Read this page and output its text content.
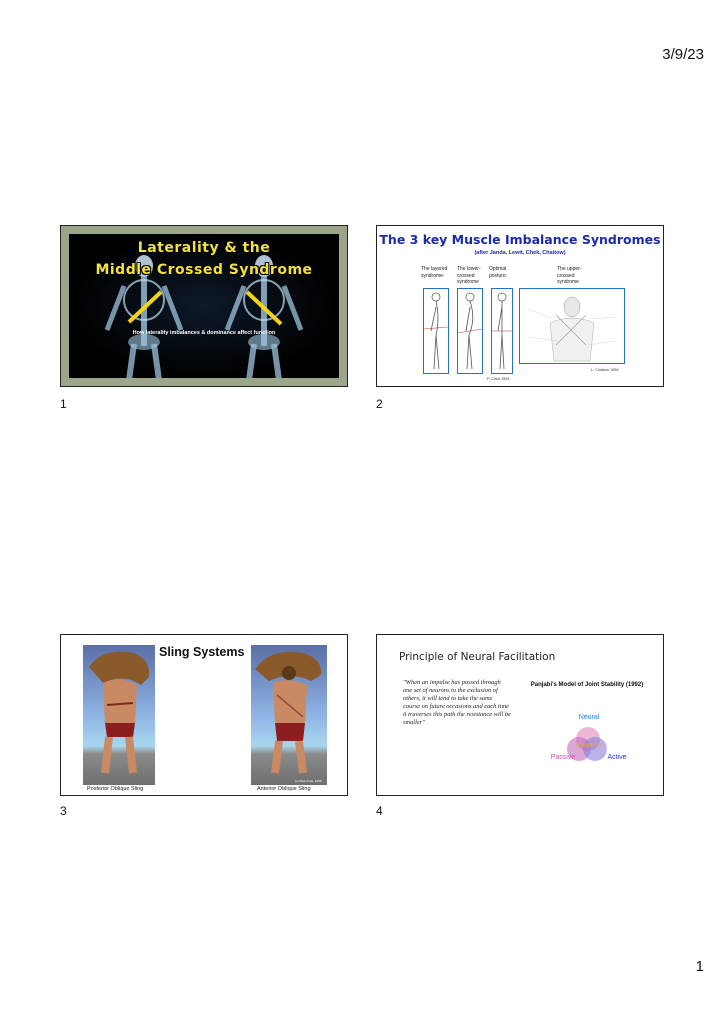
3/9/23
Laterality & the
Middle Crossed Syndrome
How laterality imbalances & dominance affect function
1
The 3 key Muscle Imbalance Syndromes
(after Janda, Lewit, Chek, Chaitow)
The layered syndrome:
The lower-crossed syndrome
Optimal posture:
The upper-crossed syndrome
P. Chek 1994
L. Chaitow 1998
2
Sling Systems
Posterior Oblique Sling	Anterior Oblique Sling
(c) Paul Chek, 1998
3
Principle of Neural Facilitation
"When an impulse has passed through one set of neurons to the exclusion of others, it will tend to take the same course on future occasions and each time it traverses this path the resistance will be smaller"
Panjabi's Model of Joint Stability (1992)
Neural
Passive	Active
STABILITY
4
1
